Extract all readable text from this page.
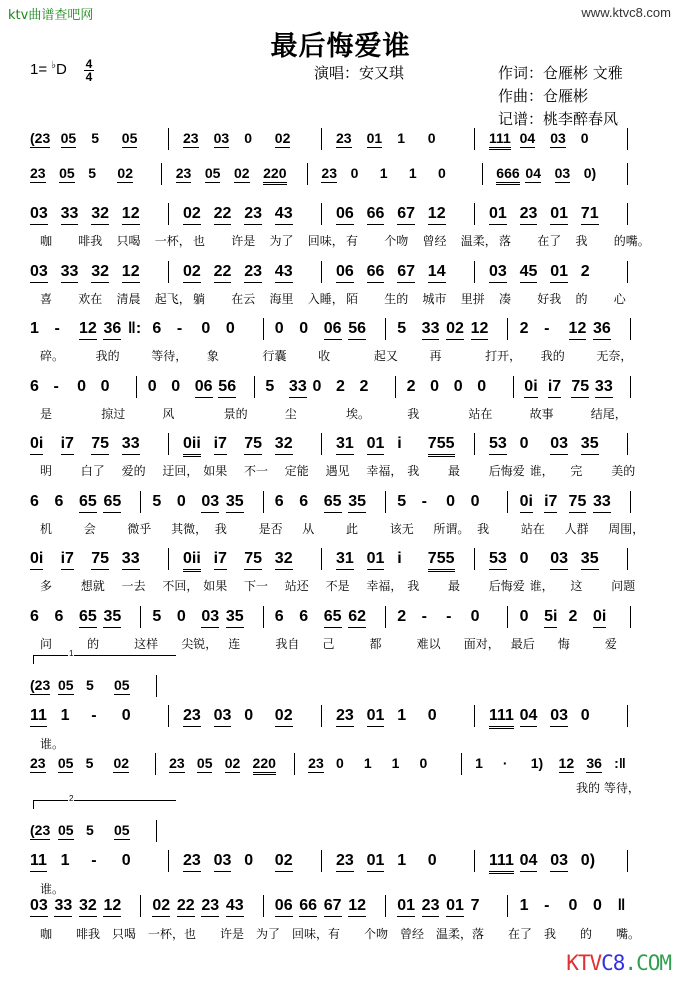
ktv曲谱查吧网	www.ktvc8.com
最后悔爱谁
1= ♭D 4
4	演唱：安又琪	作词：仓雁彬 文雅
作曲：仓雁彬
记谱：桃李醉春风
(23 05 5 05	23 03 0 02	23 01 1 0	111 04 03 0
23 05 5 02	23 05 02 220 23 0 1 1 0	666 04 03 0)
03 33 32 12	02 22 23 43	06 66 67 12	01 23 01 71
咖 啡我 只喝 一杯， 也 许是 为了 回味， 有 个吻 曾经 温柔， 落 在了 我 的嘴。
03 33 32 12	02 22 23 43	06 66 67 14	03 45 01 2
喜 欢在 清晨 起飞， 躺 在云 海里 入睡， 陌 生的 城市 里拼 凑 好我 的 心
1 - 12 36 ‖: 6 - 0 0	0 0 06 56 5 33 02 12 2 - 12 36
碎。	我的	等待， 象	行囊	收	起又	再	打开， 我的	无奈，
6 - 0 0 0 0 06 56 5 33 0 2 2 2 0 0 0 0i i7 75 33
是	掠过	风	景的	尘	埃。	我	站在	故事	结尾，
0i i7 75 33	0ii i7 75 32	31 01 i 755 53 0 03 35
明 白了 爱的 迂回， 如果 不一 定能 遇见 幸福， 我 最 后悔爱 谁， 完 美的
6 6 65 65 5 0 03 35 6 6 65 35 5 - 0 0	0i i7 75 33
机	会	微乎 其微， 我	是否 从	此	该无 所谓。 我	站在 人群 周围，
0i i7 75 33	0ii i7 75 32	31 01 i 755 53 0 03 35
多 想就 一去 不回， 如果 下一 站还 不是 幸福， 我 最 后悔爱 谁， 这 问题
6 6 65 35 5 0 03 35 6 6 65 62 2 - - 0	0 5i 2 0i
问	的	这样 尖锐， 连	我自 己	都	难以 面对， 最后 悔	爱
1
(23 05 5 05
11 1 - 0	23 03 0 02	23 01 1 0	111 04 03 0
谁。
23 05 5 02	23 05 02 220 23 0 1 1 0	1 · 1) 12 36 :‖
我的 等待，
2
(23 05 5 05
11 1 - 0	23 03 0 02	23 01 1 0	111 04 03 0)
谁。
03 33 32 12 02 22 23 43 06 66 67 12 01 23 01 7	1 - 0 0 ‖
咖 啡我 只喝 一杯， 也 许是 为了 回味， 有 个吻 曾经 温柔， 落 在了 我 的 嘴。
KTVC8.COM
